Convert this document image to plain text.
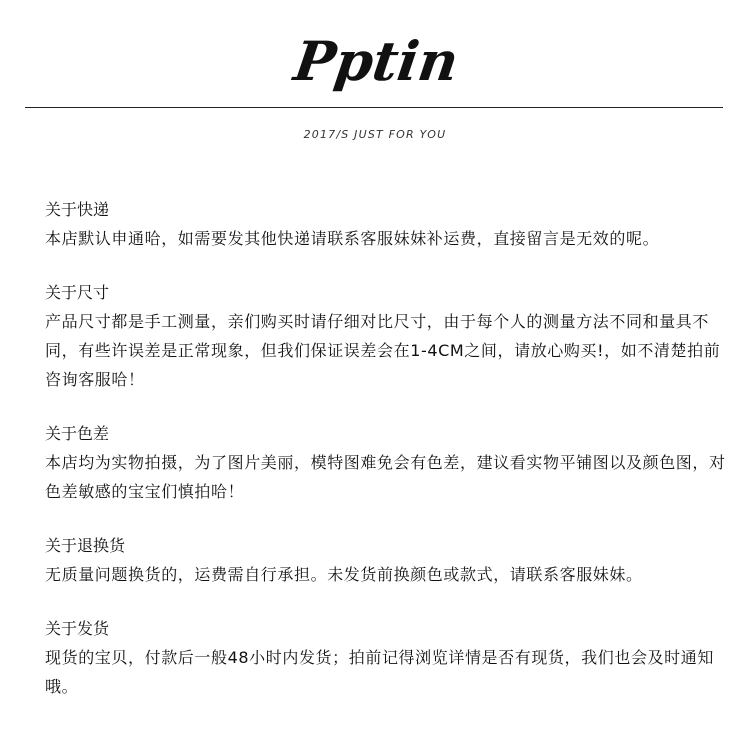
Pptin
2017/S JUST FOR YOU
关于快递

本店默认申通哈，如需要发其他快递请联系客服妹妹补运费，直接留言是无效的呢。

关于尺寸

产品尺寸都是手工测量，亲们购买时请仔细对比尺寸，由于每个人的测量方法不同和量具不同，有些许误差是正常现象，但我们保证误差会在1-4CM之间，请放心购买!，如不清楚拍前咨询客服哈！

关于色差

本店均为实物拍摄，为了图片美丽，模特图难免会有色差，建议看实物平铺图以及颜色图，对色差敏感的宝宝们慎拍哈！

关于退换货

无质量问题换货的，运费需自行承担。未发货前换颜色或款式，请联系客服妹妹。

关于发货

现货的宝贝，付款后一般48小时内发货；拍前记得浏览详情是否有现货，我们也会及时通知哦。
